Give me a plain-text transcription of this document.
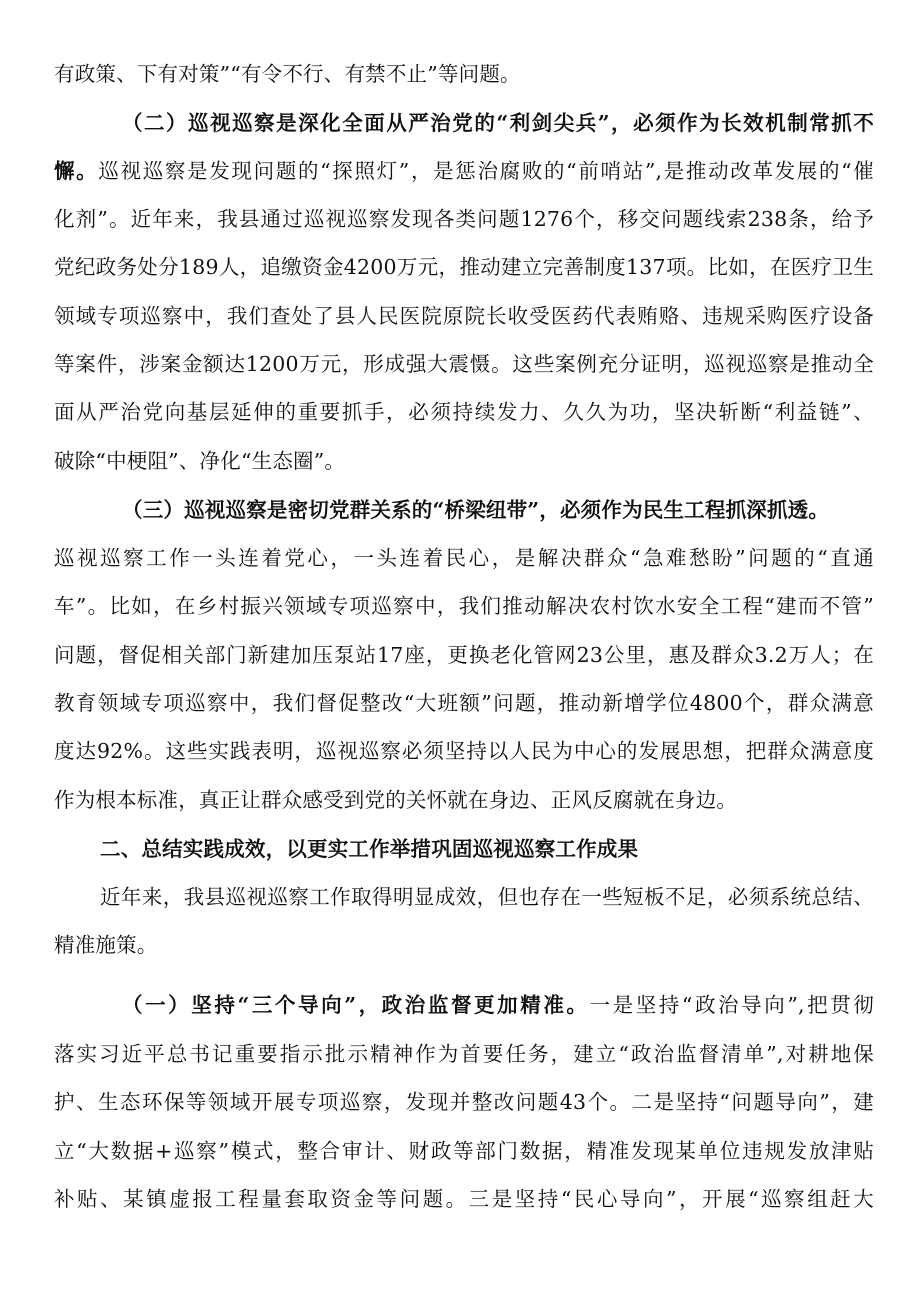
有政策、下有对策”“有令不行、有禁不止”等问题。
（二）巡视巡察是深化全面从严治党的“利剑尖兵”，必须作为长效机制常抓不
懈。巡视巡察是发现问题的“探照灯”，是惩治腐败的“前哨站”,是推动改革发展的“催
化剂”。近年来，我县通过巡视巡察发现各类问题1276个，移交问题线索238条，给予
党纪政务处分189人，追缴资金4200万元，推动建立完善制度137项。比如，在医疗卫生
领域专项巡察中，我们查处了县人民医院原院长收受医药代表贿赂、违规采购医疗设备
等案件，涉案金额达1200万元，形成强大震慑。这些案例充分证明，巡视巡察是推动全
面从严治党向基层延伸的重要抓手，必须持续发力、久久为功，坚决斩断“利益链”、
破除“中梗阻”、净化“生态圈”。
（三）巡视巡察是密切党群关系的“桥梁纽带”，必须作为民生工程抓深抓透。
巡视巡察工作一头连着党心，一头连着民心，是解决群众“急难愁盼”问题的“直通
车”。比如，在乡村振兴领域专项巡察中，我们推动解决农村饮水安全工程“建而不管”
问题，督促相关部门新建加压泵站17座，更换老化管网23公里，惠及群众3.2万人；在
教育领域专项巡察中，我们督促整改“大班额”问题，推动新增学位4800个，群众满意
度达92%。这些实践表明，巡视巡察必须坚持以人民为中心的发展思想，把群众满意度
作为根本标准，真正让群众感受到党的关怀就在身边、正风反腐就在身边。
二、总结实践成效，以更实工作举措巩固巡视巡察工作成果
近年来，我县巡视巡察工作取得明显成效，但也存在一些短板不足，必须系统总结、
精准施策。
（一）坚持“三个导向”，政治监督更加精准。一是坚持“政治导向”,把贯彻
落实习近平总书记重要指示批示精神作为首要任务，建立“政治监督清单”,对耕地保
护、生态环保等领域开展专项巡察，发现并整改问题43个。二是坚持“问题导向”，建
立“大数据+巡察”模式，整合审计、财政等部门数据，精准发现某单位违规发放津贴
补贴、某镇虚报工程量套取资金等问题。三是坚持“民心导向”，开展“巡察组赶大
